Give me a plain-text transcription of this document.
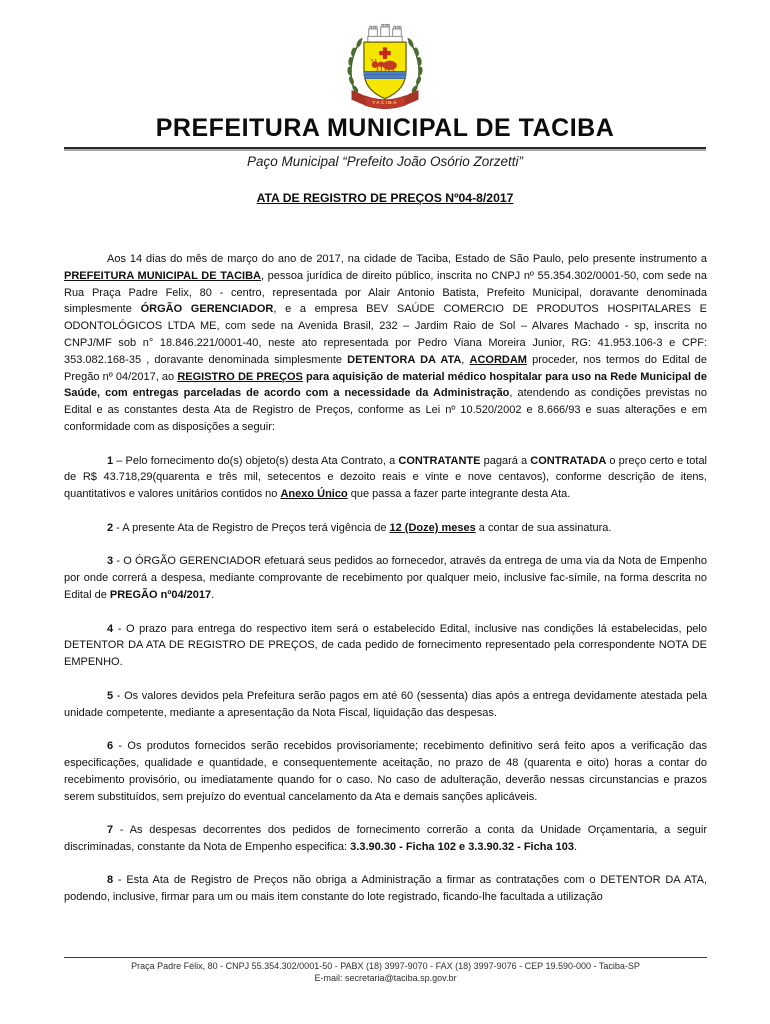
TACIBA
PREFEITURA MUNICIPAL DE TACIBA
Paço Municipal “Prefeito João Osório Zorzetti”
ATA DE REGISTRO DE PREÇOS Nº04-8/2017

Aos 14 dias do mês de março do ano de 2017, na cidade de Taciba, Estado de São Paulo, pelo presente instrumento a PREFEITURA MUNICIPAL DE TACIBA, pessoa jurídica de direito público, inscrita no CNPJ nº 55.354.302/0001-50, com sede na Rua Praça Padre Felix, 80 - centro, representada por Alair Antonio Batista, Prefeito Municipal, doravante denominada simplesmente ÓRGÃO GERENCIADOR, e a empresa BEV SAÚDE COMERCIO DE PRODUTOS HOSPITALARES E ODONTOLÓGICOS LTDA ME, com sede na Avenida Brasil, 232 – Jardim Raio de Sol – Alvares Machado - sp, inscrita no CNPJ/MF sob n° 18.846.221/0001-40, neste ato representada por Pedro Viana Moreira Junior, RG: 41.953.106-3 e CPF: 353.082.168-35 , doravante denominada simplesmente DETENTORA DA ATA, ACORDAM proceder, nos termos do Edital de Pregão nº 04/2017, ao REGISTRO DE PREÇOS para aquisição de material médico hospitalar para uso na Rede Municipal de Saúde, com entregas parceladas de acordo com a necessidade da Administração, atendendo as condições previstas no Edital e as constantes desta Ata de Registro de Preços, conforme as Lei nº 10.520/2002 e 8.666/93 e suas alterações e em conformidade com as disposições a seguir:

1 – Pelo fornecimento do(s) objeto(s) desta Ata Contrato, a CONTRATANTE pagará a CONTRATADA o preço certo e total de R$ 43.718,29(quarenta e três mil, setecentos e dezoito reais e vinte e nove centavos), conforme descrição de itens, quantitativos e valores unitários contidos no Anexo Único que passa a fazer parte integrante desta Ata.

2 - A presente Ata de Registro de Preços terá vigência de 12 (Doze) meses a contar de sua assinatura.

3 - O ÓRGÃO GERENCIADOR efetuará seus pedidos ao fornecedor, através da entrega de uma via da Nota de Empenho por onde correrá a despesa, mediante comprovante de recebimento por qualquer meio, inclusive fac-símile, na forma descrita no Edital de PREGÃO nº04/2017.

4 - O prazo para entrega do respectivo item será o estabelecido Edital, inclusive nas condições lá estabelecidas, pelo DETENTOR DA ATA DE REGISTRO DE PREÇOS, de cada pedido de fornecimento representado pela correspondente NOTA DE EMPENHO.

5 - Os valores devidos pela Prefeitura serão pagos em até 60 (sessenta) dias após a entrega devidamente atestada pela unidade competente, mediante a apresentação da Nota Fiscal, liquidação das despesas.

6 - Os produtos fornecidos serão recebidos provisoriamente; recebimento definitivo será feito apos a verificação das especificações, qualidade e quantidade, e consequentemente aceitação, no prazo de 48 (quarenta e oito) horas a contar do recebimento provisório, ou imediatamente quando for o caso. No caso de adulteração, deverão nessas circunstancias e prazos serem substituídos, sem prejuízo do eventual cancelamento da Ata e demais sanções aplicáveis.

7 - As despesas decorrentes dos pedidos de fornecimento correrão a conta da Unidade Orçamentaria, a seguir discriminadas, constante da Nota de Empenho especifica: 3.3.90.30 - Ficha 102 e 3.3.90.32 - Ficha 103.

8 - Esta Ata de Registro de Preços não obriga a Administração a firmar as contratações com o DETENTOR DA ATA, podendo, inclusive, firmar para um ou mais item constante do lote registrado, ficando-lhe facultada a utilização

Praça Padre Félix, 80 - CNPJ 55.354.302/0001-50 - PABX (18) 3997-9070 - FAX (18) 3997-9076 - CEP 19.590-000 - Taciba-SP
E-mail: secretaria@taciba.sp.gov.br
